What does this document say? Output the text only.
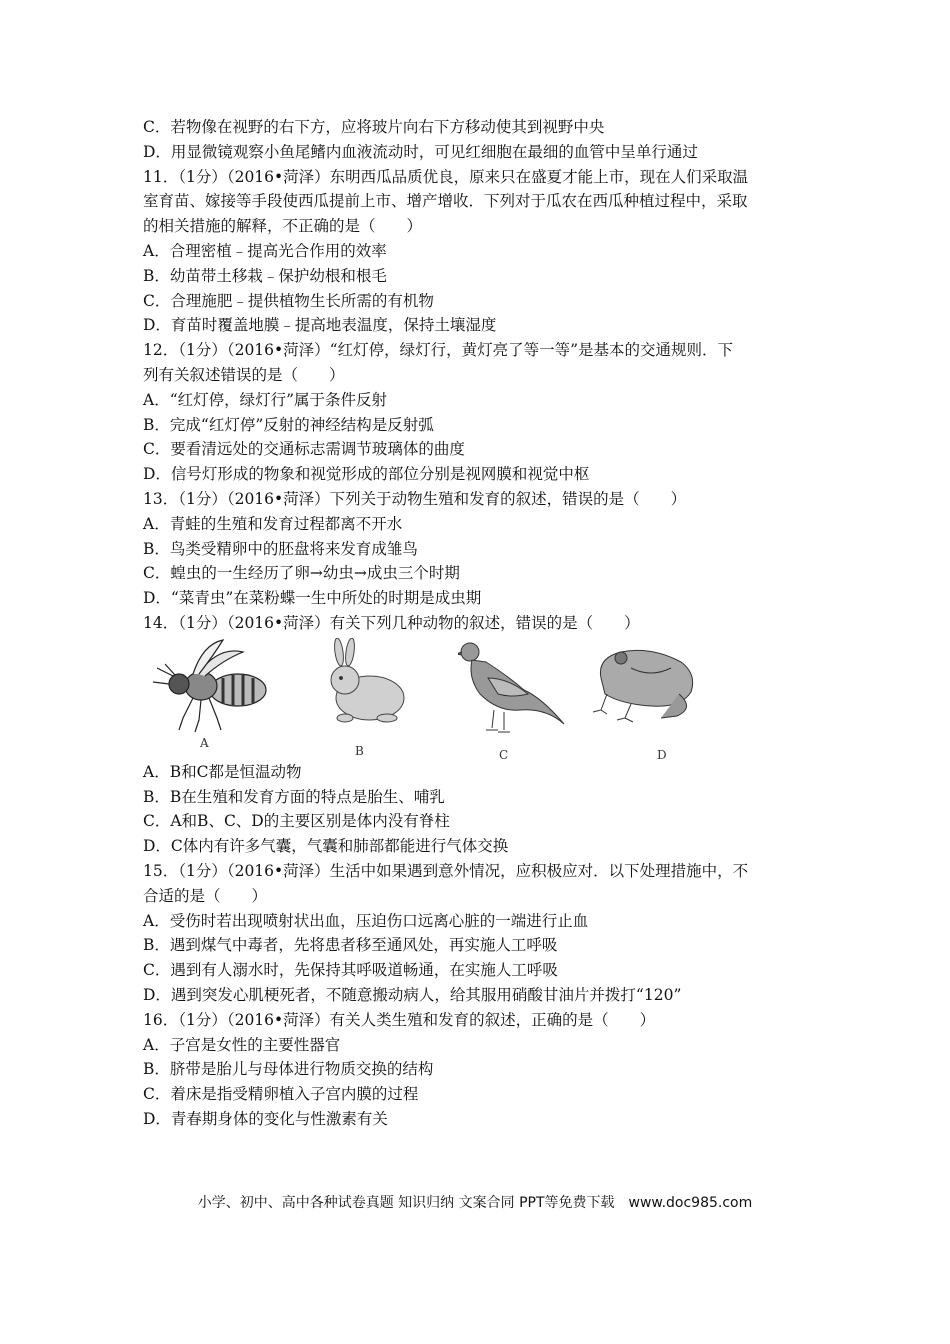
C．若物像在视野的右下方，应将玻片向右下方移动使其到视野中央
D．用显微镜观察小鱼尾鳍内血液流动时，可见红细胞在最细的血管中呈单行通过
11．（1分）（2016•菏泽）东明西瓜品质优良，原来只在盛夏才能上市，现在人们采取温
室育苗、嫁接等手段使西瓜提前上市、增产增收．下列对于瓜农在西瓜种植过程中，采取
的相关措施的解释，不正确的是（　　）
A．合理密植﹣提高光合作用的效率
B．幼苗带土移栽﹣保护幼根和根毛
C．合理施肥﹣提供植物生长所需的有机物
D．育苗时覆盖地膜﹣提高地表温度，保持土壤湿度
12．（1分）（2016•菏泽）“红灯停，绿灯行，黄灯亮了等一等”是基本的交通规则．下
列有关叙述错误的是（　　）
A．“红灯停，绿灯行”属于条件反射
B．完成“红灯停”反射的神经结构是反射弧
C．要看清远处的交通标志需调节玻璃体的曲度
D．信号灯形成的物象和视觉形成的部位分别是视网膜和视觉中枢
13．（1分）（2016•菏泽）下列关于动物生殖和发育的叙述，错误的是（　　）
A．青蛙的生殖和发育过程都离不开水
B．鸟类受精卵中的胚盘将来发育成雏鸟
C．蝗虫的一生经历了卵→幼虫→成虫三个时期
D．“菜青虫”在菜粉蝶一生中所处的时期是成虫期
14．（1分）（2016•菏泽）有关下列几种动物的叙述，错误的是（　　）
A
B	C	D
A．B和C都是恒温动物
B．B在生殖和发育方面的特点是胎生、哺乳
C．A和B、C、D的主要区别是体内没有脊柱
D．C体内有许多气囊，气囊和肺部都能进行气体交换
15．（1分）（2016•菏泽）生活中如果遇到意外情况，应积极应对．以下处理措施中，不
合适的是（　　）
A．受伤时若出现喷射状出血，压迫伤口远离心脏的一端进行止血
B．遇到煤气中毒者，先将患者移至通风处，再实施人工呼吸
C．遇到有人溺水时，先保持其呼吸道畅通，在实施人工呼吸
D．遇到突发心肌梗死者，不随意搬动病人，给其服用硝酸甘油片并拨打“120”
16．（1分）（2016•菏泽）有关人类生殖和发育的叙述，正确的是（　　）
A．子宫是女性的主要性器官
B．脐带是胎儿与母体进行物质交换的结构
C．着床是指受精卵植入子宫内膜的过程
D．青春期身体的变化与性激素有关
小学、初中、高中各种试卷真题 知识归纳 文案合同 PPT等免费下载　www.doc985.com
